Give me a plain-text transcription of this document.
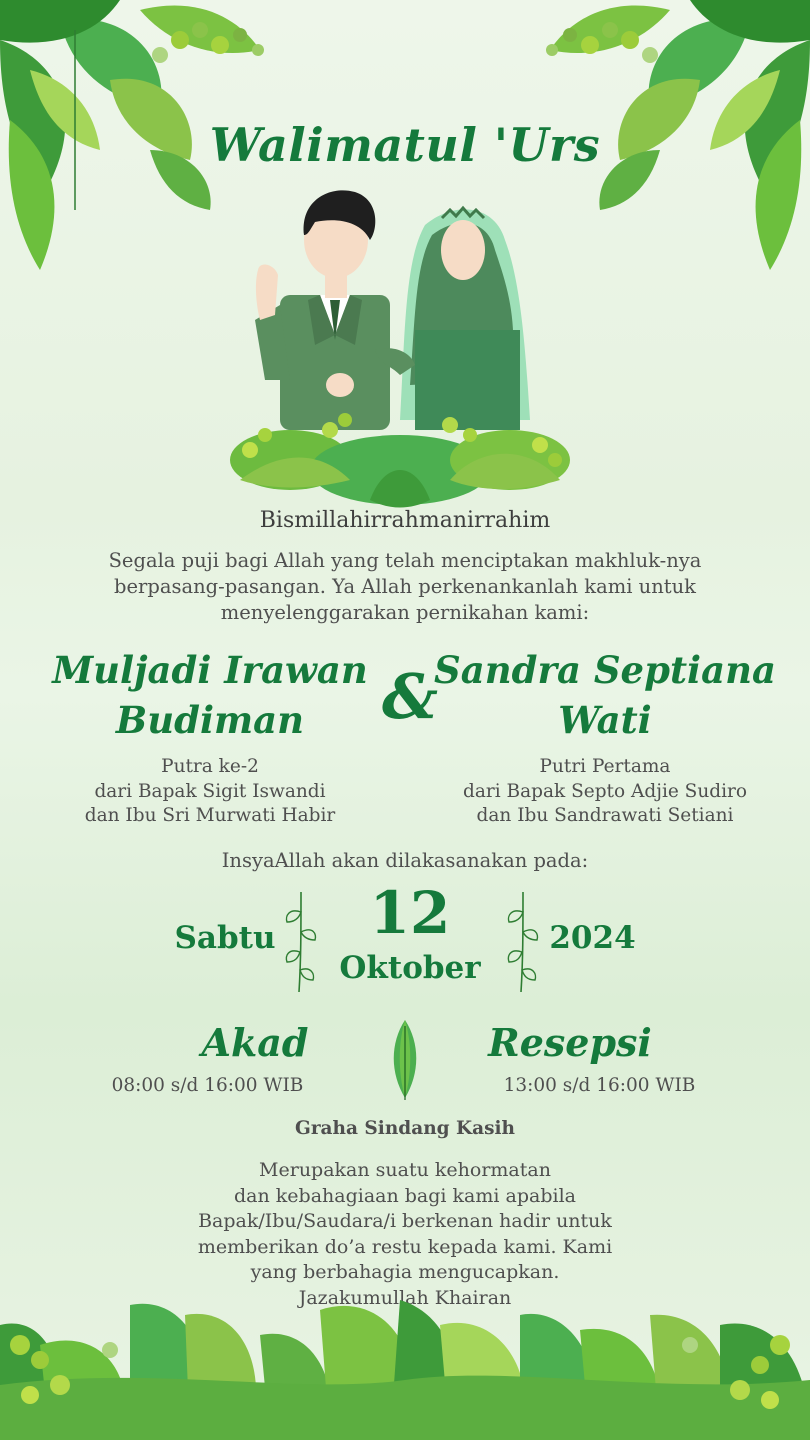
Walimatul 'Urs
Bismillahirrahmanirrahim
Segala puji bagi Allah yang telah menciptakan makhluk-nya
berpasang-pasangan. Ya Allah perkenankanlah kami untuk
menyelenggarakan pernikahan kami:
Muljadi Irawan
Budiman	&
Sandra Septiana
Wati
Putra ke-2
dari Bapak Sigit Iswandi
dan Ibu Sri Murwati Habir
Putri Pertama
dari Bapak Septo Adjie Sudiro
dan Ibu Sandrawati Setiani
InsyaAllah akan dilakasanakan pada:
Sabtu	12
Oktober
2024
Akad	Resepsi
08:00 s/d 16:00 WIB	13:00 s/d 16:00 WIB
Graha Sindang Kasih
Merupakan suatu kehormatan
dan kebahagiaan bagi kami apabila
Bapak/Ibu/Saudara/i berkenan hadir untuk
memberikan do’a restu kepada kami. Kami
yang berbahagia mengucapkan.
Jazakumullah Khairan
